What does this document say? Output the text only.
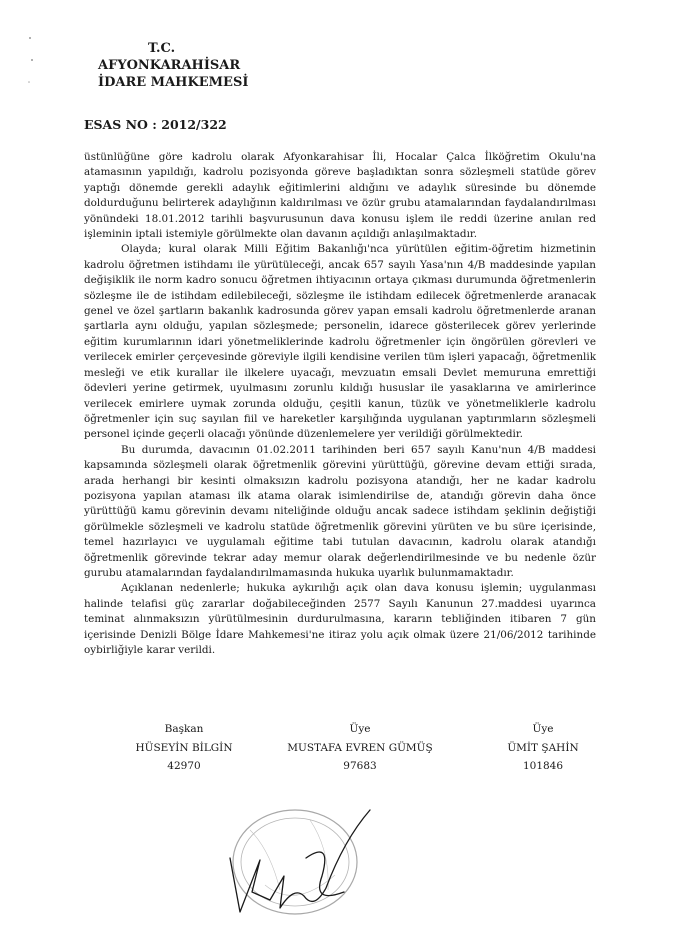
T.C.
AFYONKARAHİSAR
İDARE MAHKEMESİ
ESAS NO : 2012/322

üstünlüğüne göre kadrolu olarak Afyonkarahisar İli, Hocalar Çalca İlköğretim Okulu'na atamasının yapıldığı, kadrolu pozisyonda göreve başladıktan sonra sözleşmeli statüde görev yaptığı dönemde gerekli adaylık eğitimlerini aldığını ve adaylık süresinde bu dönemde doldurduğunu belirterek adaylığının kaldırılması ve özür grubu atamalarından faydalandırılması yönündeki 18.01.2012 tarihli başvurusunun dava konusu işlem ile reddi üzerine anılan red işleminin iptali istemiyle görülmekte olan davanın açıldığı anlaşılmaktadır.

Olayda; kural olarak Milli Eğitim Bakanlığı'nca yürütülen eğitim-öğretim hizmetinin kadrolu öğretmen istihdamı ile yürütüleceği, ancak 657 sayılı Yasa'nın 4/B maddesinde yapılan değişiklik ile norm kadro sonucu öğretmen ihtiyacının ortaya çıkması durumunda öğretmenlerin sözleşme ile de istihdam edilebileceği, sözleşme ile istihdam edilecek öğretmenlerde aranacak genel ve özel şartların bakanlık kadrosunda görev yapan emsali kadrolu öğretmenlerde aranan şartlarla aynı olduğu, yapılan sözleşmede; personelin, idarece gösterilecek görev yerlerinde eğitim kurumlarının idari yönetmeliklerinde kadrolu öğretmenler için öngörülen görevleri ve verilecek emirler çerçevesinde göreviyle ilgili kendisine verilen tüm işleri yapacağı, öğretmenlik mesleği ve etik kurallar ile ilkelere uyacağı, mevzuatın emsali Devlet memuruna emrettiği ödevleri yerine getirmek, uyulmasını zorunlu kıldığı hususlar ile yasaklarına ve amirlerince verilecek emirlere uymak zorunda olduğu, çeşitli kanun, tüzük ve yönetmeliklerle kadrolu öğretmenler için suç sayılan fiil ve hareketler karşılığında uygulanan yaptırımların sözleşmeli personel içinde geçerli olacağı yönünde düzenlemelere yer verildiği görülmektedir.

Bu durumda, davacının 01.02.2011 tarihinden beri 657 sayılı Kanu'nun 4/B maddesi kapsamında sözleşmeli olarak öğretmenlik görevini yürüttüğü, görevine devam ettiği sırada, arada herhangi bir kesinti olmaksızın kadrolu pozisyona atandığı, her ne kadar kadrolu pozisyona yapılan ataması ilk atama olarak isimlendirilse de, atandığı görevin daha önce yürüttüğü kamu görevinin devamı niteliğinde olduğu ancak sadece istihdam şeklinin değiştiği görülmekle sözleşmeli ve kadrolu statüde öğretmenlik görevini yürüten ve bu süre içerisinde, temel hazırlayıcı ve uygulamalı eğitime tabi tutulan davacının, kadrolu olarak atandığı öğretmenlik görevinde tekrar aday memur olarak değerlendirilmesinde ve bu nedenle özür gurubu atamalarından faydalandırılmamasında hukuka uyarlık bulunmamaktadır.

Açıklanan nedenlerle; hukuka aykırılığı açık olan dava konusu işlemin; uygulanması halinde telafisi güç zararlar doğabileceğinden 2577 Sayılı Kanunun 27.maddesi uyarınca teminat alınmaksızın yürütülmesinin durdurulmasına, kararın tebliğinden itibaren 7 gün içerisinde Denizli Bölge İdare Mahkemesi'ne itiraz yolu açık olmak üzere 21/06/2012 tarihinde oybirliğiyle karar verildi.

Başkan
HÜSEYİN BİLGİN
42970
Üye
MUSTAFA EVREN GÜMÜŞ
97683
Üye
ÜMİT ŞAHİN
101846
